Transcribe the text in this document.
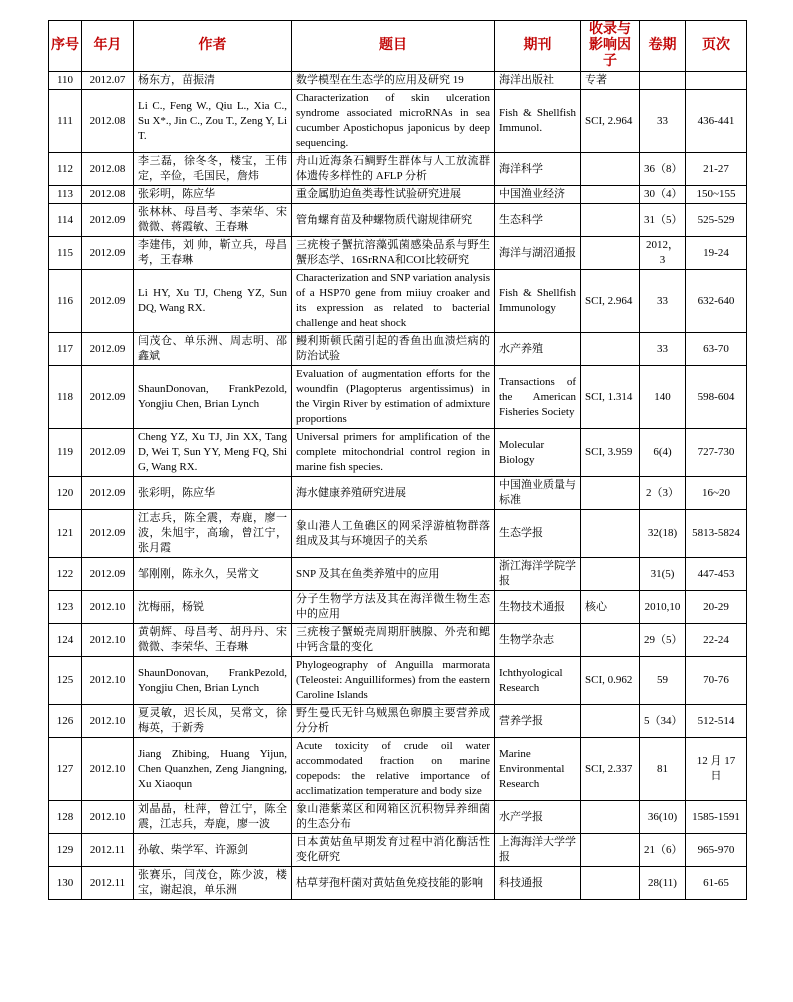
序号	年月	作者	题目	期刊	收录与影响因子	卷期	页次
110	2012.07	杨东方，苗振清	数学模型在生态学的应用及研究 19	海洋出版社	专著		
111	2012.08	Li C., Feng W., Qiu L., Xia C., Su X*., Jin C., Zou T., Zeng Y, Li T.	Characterization of skin ulceration syndrome associated microRNAs in sea cucumber Apostichopus japonicus by deep sequencing.	Fish & Shellfish Immunol.	SCI, 2.964	33	436-441
112	2012.08	李三磊，徐冬冬，楼宝，王伟定，辛俭，毛国民，詹炜	舟山近海条石鲷野生群体与人工放流群体遗传多样性的 AFLP 分析	海洋科学		36（8）	21-27
113	2012.08	张彩明，陈应华	重金属肋迫鱼类毒性试验研究进展	中国渔业经济		30（4）	150~155
114	2012.09	张林林、母昌考、李荣华、宋微微、蒋霞敏、王春琳	管角螺育苗及种螺物质代谢规律研究	生态科学		31（5）	525-529
115	2012.09	李建伟，刘 帅，靳立兵，母昌考，王春琳	三疣梭子蟹抗溶藻弧菌感染品系与野生蟹形态学、16SrRNA和COI比较研究	海洋与湖沼通报		2012，3	19-24
116	2012.09	Li HY, Xu TJ, Cheng YZ, Sun DQ, Wang RX.	Characterization and SNP variation analysis of a HSP70 gene from miiuy croaker and its expression as related to bacterial challenge and heat shock	Fish & Shellfish Immunology	SCI, 2.964	33	632-640
117	2012.09	闫茂仓、单乐洲、周志明、邵鑫斌	鳗利斯顿氏菌引起的香鱼出血溃烂病的防治试验	水产养殖		33	63-70
118	2012.09	ShaunDonovan, FrankPezold, Yongjiu Chen, Brian Lynch	Evaluation of augmentation efforts for the woundfin (Plagopterus argentissimus) in the Virgin River by estimation of admixture proportions	Transactions of the American Fisheries Society	SCI, 1.314	140	598-604
119	2012.09	Cheng YZ, Xu TJ, Jin XX, Tang D, Wei T, Sun YY, Meng FQ, Shi G, Wang RX.	Universal primers for amplification of the complete mitochondrial control region in marine fish species.	Molecular Biology	SCI, 3.959	6(4)	727-730
120	2012.09	张彩明，陈应华	海水健康养殖研究进展	中国渔业质量与标准		2（3）	16~20
121	2012.09	江志兵，陈全震，寿鹿，廖一波，朱旭宇，高瑜，曾江宁，张月霞	象山港人工鱼礁区的网采浮游植物群落组成及其与环境因子的关系	生态学报		32(18)	5813-5824
122	2012.09	邹刚刚，陈永久，吴常文	SNP 及其在鱼类养殖中的应用	浙江海洋学院学报		31(5)	447-453
123	2012.10	沈梅丽，杨锐	分子生物学方法及其在海洋微生物生态中的应用	生物技术通报	核心	2010,10	20-29
124	2012.10	黄朝辉、母昌考、胡丹丹、宋微微、李荣华、王春琳	三疣梭子蟹蜕壳周期肝胰腺、外壳和鳃中钙含量的变化	生物学杂志		29（5）	22-24
125	2012.10	ShaunDonovan, FrankPezold, Yongjiu Chen, Brian Lynch	Phylogeography of Anguilla marmorata (Teleostei: Anguilliformes) from the eastern Caroline Islands	Ichthyological Research	SCI, 0.962	59	70-76
126	2012.10	夏灵敏，迟长凤，吴常文，徐梅英，于新秀	野生曼氏无针乌贼黑色卵膜主要营养成分分析	营养学报		5（34）	512-514
127	2012.10	Jiang Zhibing, Huang Yijun, Chen Quanzhen, Zeng Jiangning, Xu Xiaoqun	Acute toxicity of crude oil water accommodated fraction on marine copepods: the relative importance of acclimatization temperature and body size	Marine Environmental Research	SCI, 2.337	81	12 月 17 日
128	2012.10	刘晶晶，杜萍，曾江宁，陈全震，江志兵，寿鹿，廖一波	象山港紫菜区和网箱区沉积物异养细菌的生态分布	水产学报		36(10)	1585-1591
129	2012.11	孙敏、柴学军、许源剑	日本黄姑鱼早期发育过程中消化酶活性变化研究	上海海洋大学学报		21（6）	965-970
130	2012.11	张赛乐，闫茂仓，陈少波，楼宝，谢起浪，单乐洲	枯草芽孢杆菌对黄姑鱼免疫技能的影响	科技通报		28(11)	61-65
